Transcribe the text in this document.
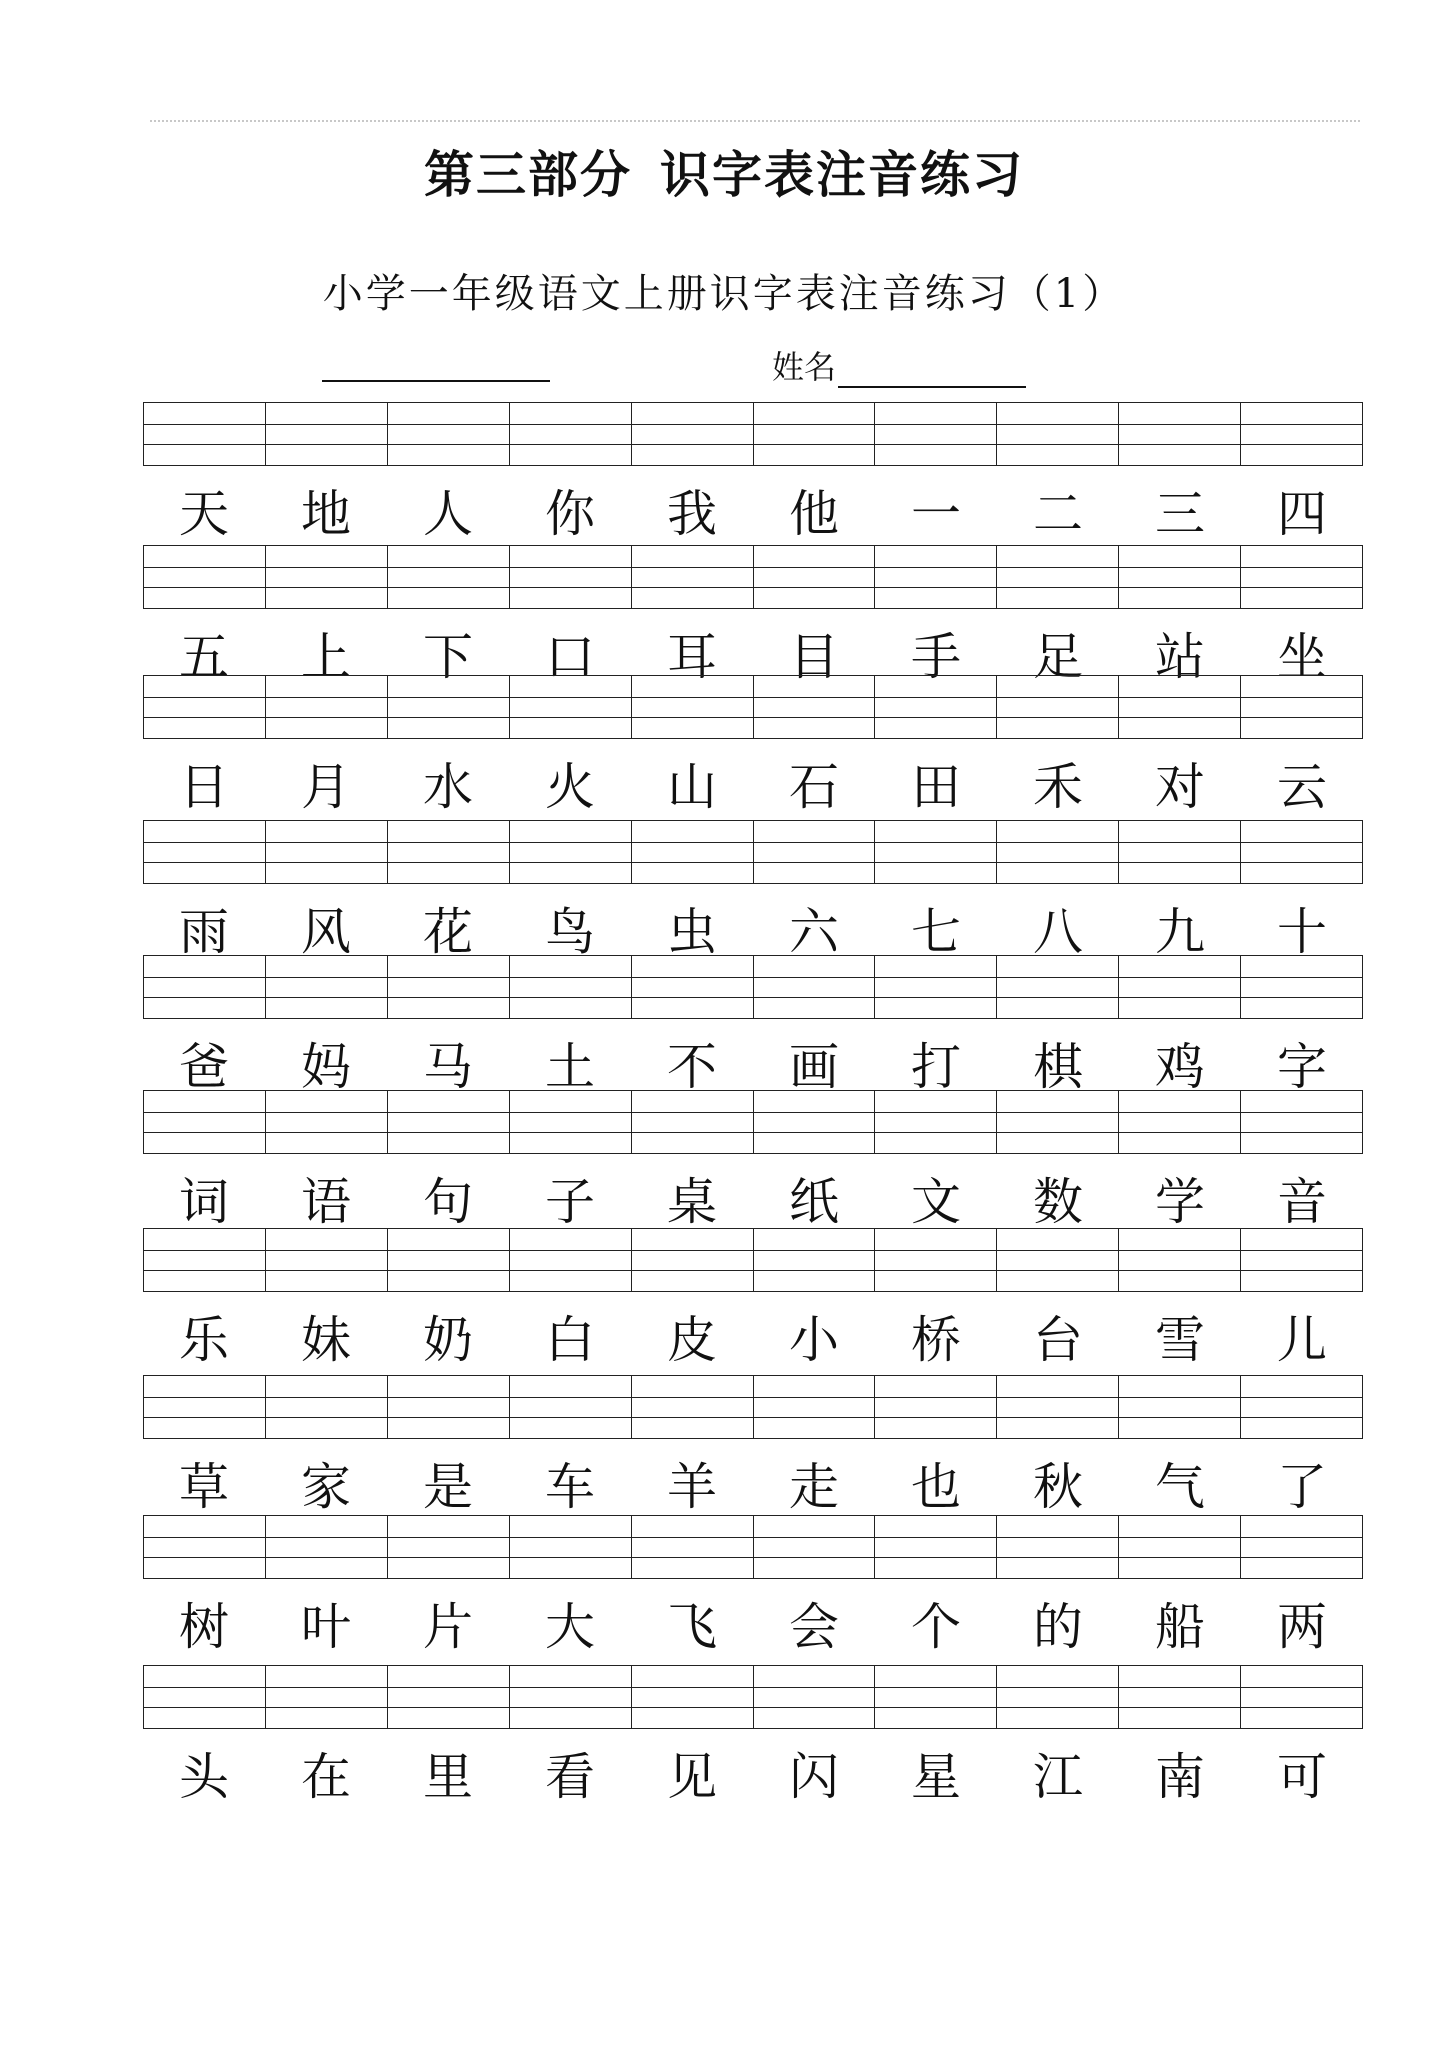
第三部分 识字表注音练习
小学一年级语文上册识字表注音练习（1）
姓名
天	地	人	你	我	他	一	二	三	四
五	上	下	口	耳	目	手	足	站	坐
日	月	水	火	山	石	田	禾	对	云
雨	风	花	鸟	虫	六	七	八	九	十
爸	妈	马	土	不	画	打	棋	鸡	字
词	语	句	子	桌	纸	文	数	学	音
乐	妹	奶	白	皮	小	桥	台	雪	儿
草	家	是	车	羊	走	也	秋	气	了
树	叶	片	大	飞	会	个	的	船	两
头	在	里	看	见	闪	星	江	南	可
